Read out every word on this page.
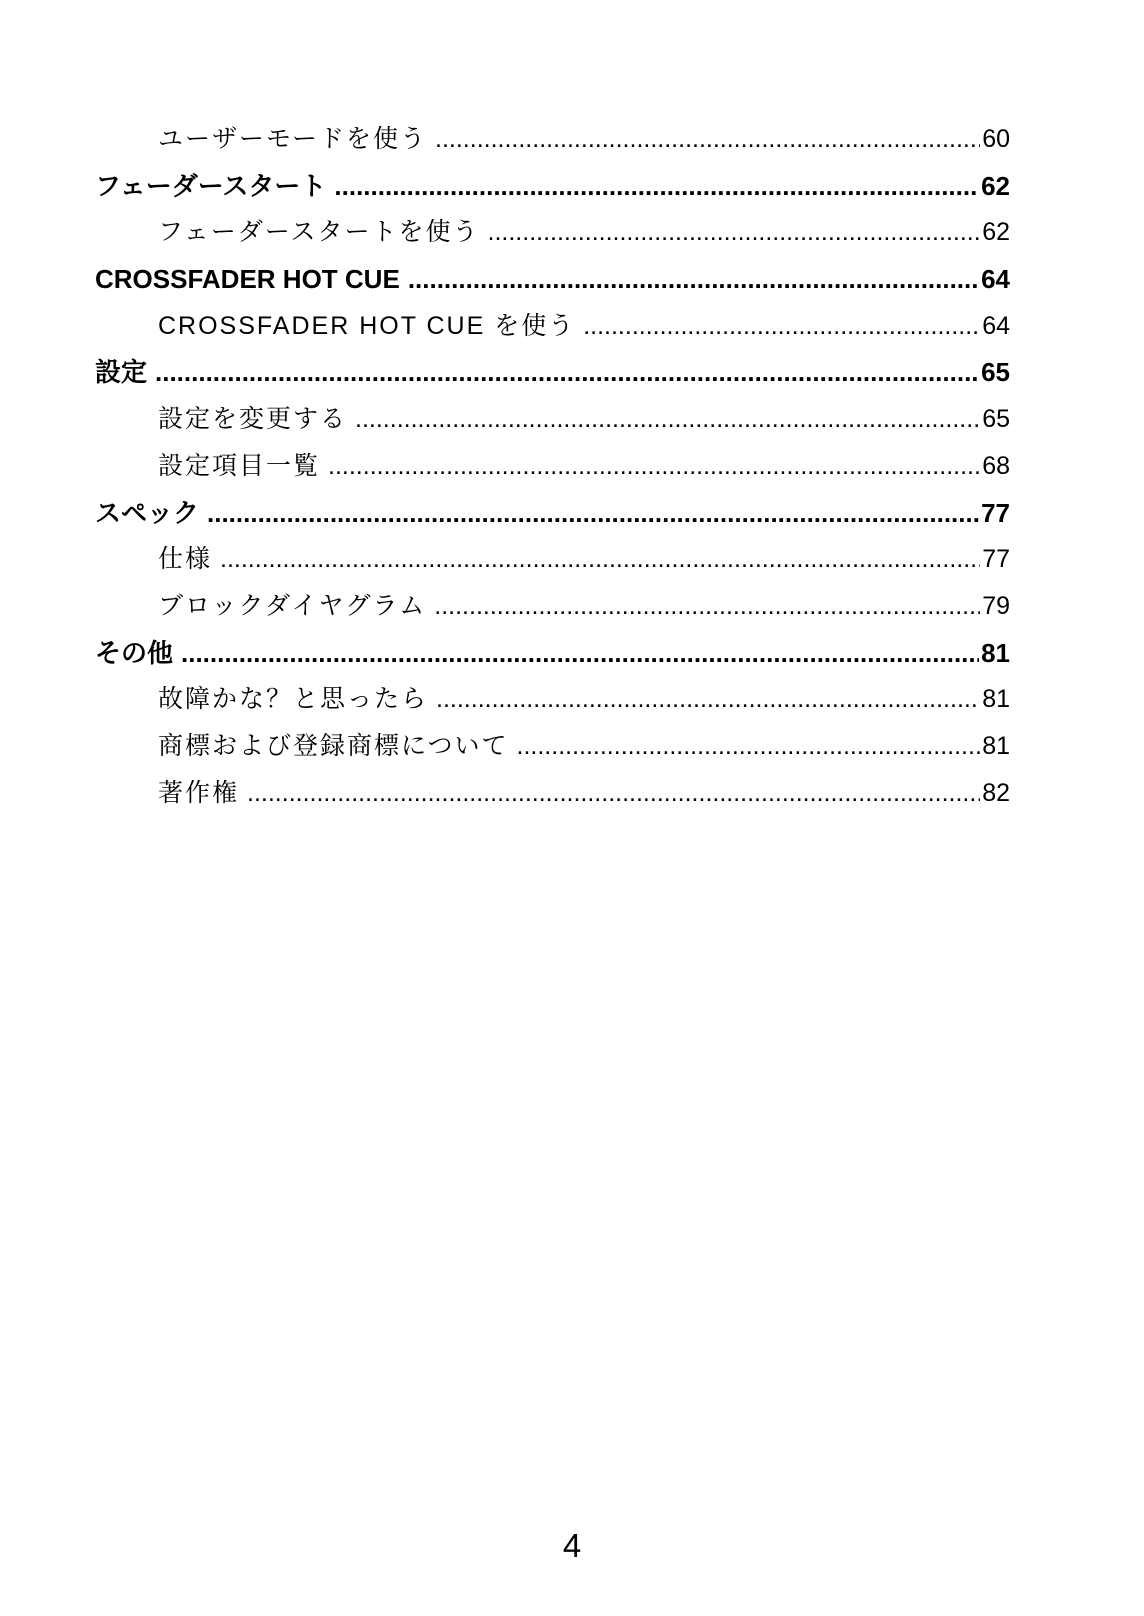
ユーザーモードを使う .....	60
フェーダースタート .....	62
フェーダースタートを使う .....	62
CROSSFADER HOT CUE .....	64
CROSSFADER HOT CUE を使う .....	64
設定 .....	65
設定を変更する .....	65
設定項目一覧 .....	68
スペック .....	77
仕様 .....	77
ブロックダイヤグラム .....	79
その他 .....	81
故障かな？と思ったら .....	81
商標および登録商標について .....	81
著作権 .....	82
4
